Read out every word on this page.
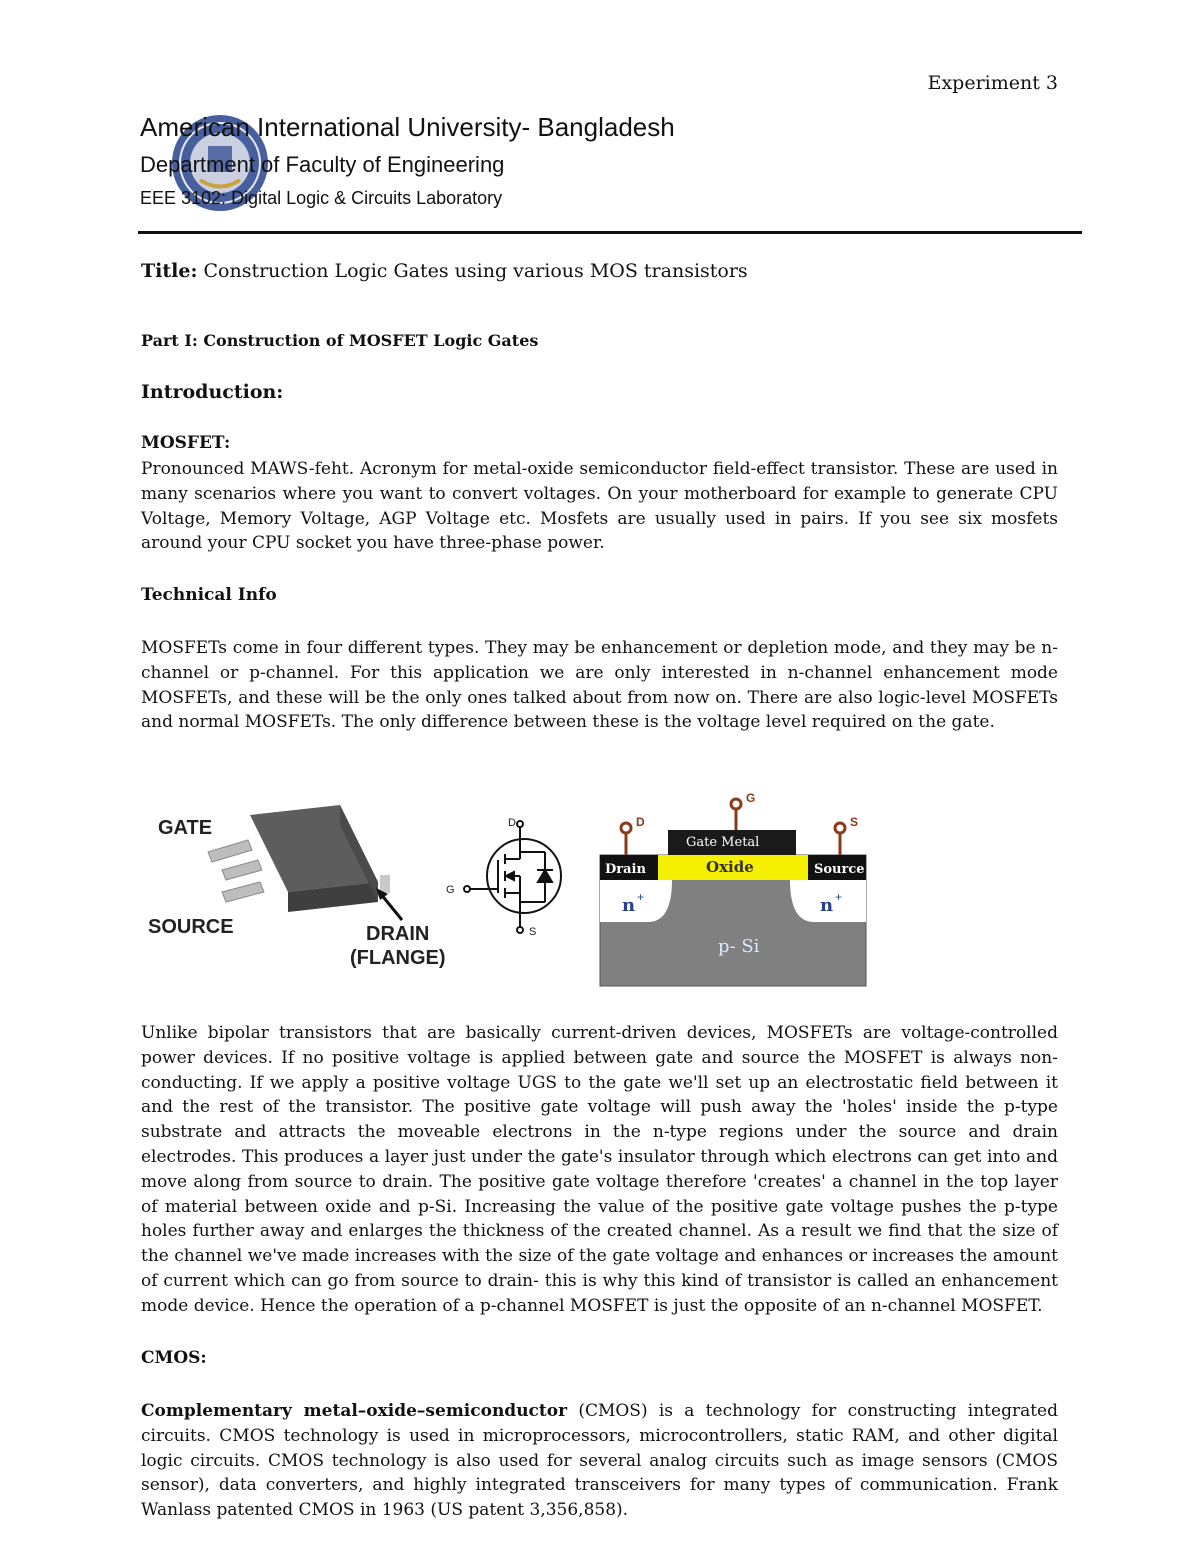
Experiment 3
American International University- Bangladesh
Department of Faculty of Engineering
EEE 3102: Digital Logic & Circuits Laboratory
Title: Construction Logic Gates using various MOS transistors
Part I: Construction of MOSFET Logic Gates
Introduction:
MOSFET:

Pronounced MAWS-feht. Acronym for metal-oxide semiconductor field-effect transistor. These are used in many scenarios where you want to convert voltages. On your motherboard for example to generate CPU Voltage, Memory Voltage, AGP Voltage etc. Mosfets are usually used in pairs. If you see six mosfets around your CPU socket you have three-phase power.

Technical Info

MOSFETs come in four different types. They may be enhancement or depletion mode, and they may be n-channel or p-channel. For this application we are only interested in n-channel enhancement mode MOSFETs, and these will be the only ones talked about from now on. There are also logic-level MOSFETs and normal MOSFETs. The only difference between these is the voltage level required on the gate.

GATE
SOURCE	DRAIN
(FLANGE)
D
G
S
D
G
S
Gate Metal
Oxide
Drain	Source
n +	n +
p- Si

Unlike bipolar transistors that are basically current-driven devices, MOSFETs are voltage-controlled power devices. If no positive voltage is applied between gate and source the MOSFET is always non-conducting. If we apply a positive voltage UGS to the gate we'll set up an electrostatic field between it and the rest of the transistor. The positive gate voltage will push away the 'holes' inside the p-type substrate and attracts the moveable electrons in the n-type regions under the source and drain electrodes. This produces a layer just under the gate's insulator through which electrons can get into and move along from source to drain. The positive gate voltage therefore 'creates' a channel in the top layer of material between oxide and p-Si. Increasing the value of the positive gate voltage pushes the p-type holes further away and enlarges the thickness of the created channel. As a result we find that the size of the channel we've made increases with the size of the gate voltage and enhances or increases the amount of current which can go from source to drain- this is why this kind of transistor is called an enhancement mode device. Hence the operation of a p-channel MOSFET is just the opposite of an n-channel MOSFET.

CMOS:

Complementary metal–oxide–semiconductor (CMOS) is a technology for constructing integrated circuits. CMOS technology is used in microprocessors, microcontrollers, static RAM, and other digital logic circuits. CMOS technology is also used for several analog circuits such as image sensors (CMOS sensor), data converters, and highly integrated transceivers for many types of communication. Frank Wanlass patented CMOS in 1963 (US patent 3,356,858).
